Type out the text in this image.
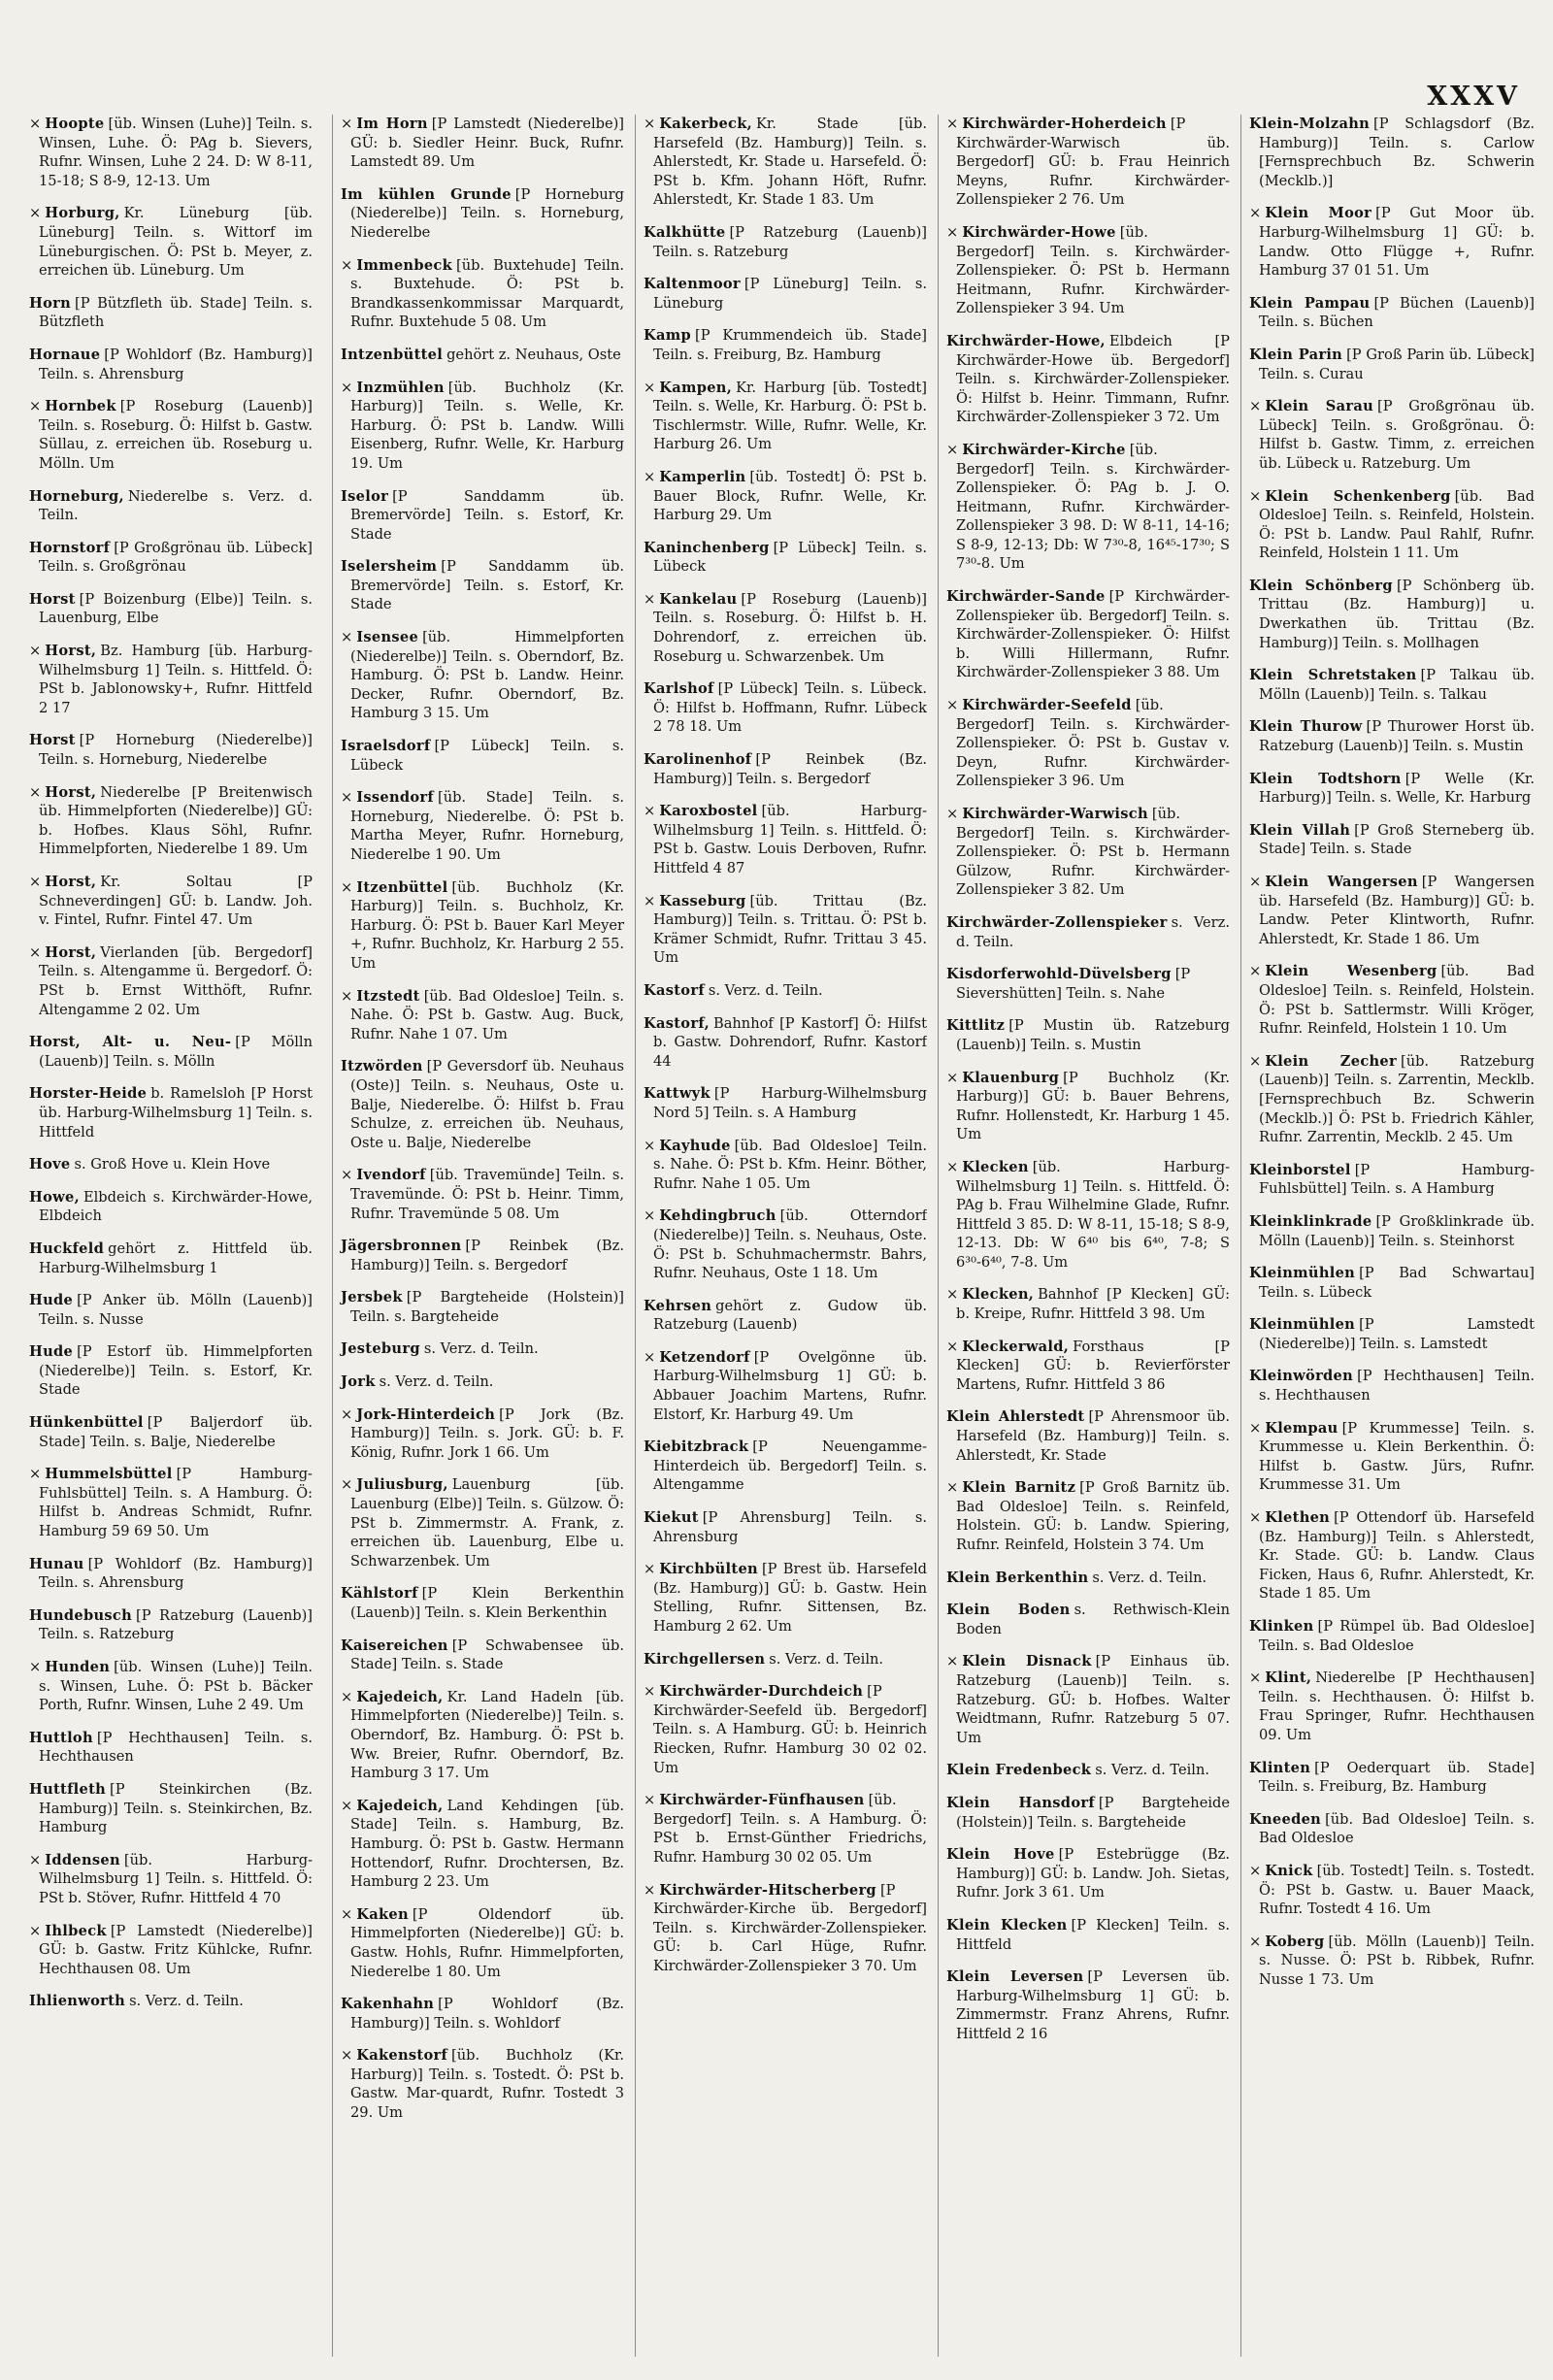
XXXV

× Hoopte [üb. Winsen (Luhe)] Teiln. s. Winsen, Luhe. Ö: PAg b. Sievers, Rufnr. Winsen, Luhe 2 24. D: W 8-11, 15-18; S 8-9, 12-13. Um

× Horburg, Kr. Lüneburg [üb. Lüneburg] Teiln. s. Wittorf im Lüneburgischen. Ö: PSt b. Meyer, z. erreichen üb. Lüneburg. Um

Horn [P Bützfleth üb. Stade] Teiln. s. Bützfleth

Hornaue [P Wohldorf (Bz. Hamburg)] Teiln. s. Ahrensburg

× Hornbek [P Roseburg (Lauenb)] Teiln. s. Roseburg. Ö: Hilfst b. Gastw. Süllau, z. erreichen üb. Roseburg u. Mölln. Um

Horneburg, Niederelbe s. Verz. d. Teiln.

Hornstorf [P Großgrönau üb. Lübeck] Teiln. s. Großgrönau

Horst [P Boizenburg (Elbe)] Teiln. s. Lauenburg, Elbe

× Horst, Bz. Hamburg [üb. Harburg-Wilhelmsburg 1] Teiln. s. Hittfeld. Ö: PSt b. Jablonowsky+, Rufnr. Hittfeld 2 17

Horst [P Horneburg (Niederelbe)] Teiln. s. Horneburg, Niederelbe

× Horst, Niederelbe [P Breitenwisch üb. Himmelpforten (Niederelbe)] GÜ: b. Hofbes. Klaus Söhl, Rufnr. Himmelpforten, Niederelbe 1 89. Um

× Horst, Kr. Soltau [P Schneverdingen] GÜ: b. Landw. Joh. v. Fintel, Rufnr. Fintel 47. Um

× Horst, Vierlanden [üb. Bergedorf] Teiln. s. Altengamme ü. Bergedorf. Ö: PSt b. Ernst Witthöft, Rufnr. Altengamme 2 02. Um

Horst, Alt- u. Neu- [P Mölln (Lauenb)] Teiln. s. Mölln

Horster-Heide b. Ramelsloh [P Horst üb. Harburg-Wilhelmsburg 1] Teiln. s. Hittfeld

Hove s. Groß Hove u. Klein Hove

Howe, Elbdeich s. Kirchwärder-Howe, Elbdeich

Huckfeld gehört z. Hittfeld üb. Harburg-Wilhelmsburg 1

Hude [P Anker üb. Mölln (Lauenb)] Teiln. s. Nusse

Hude [P Estorf üb. Himmelpforten (Niederelbe)] Teiln. s. Estorf, Kr. Stade

Hünkenbüttel [P Baljerdorf üb. Stade] Teiln. s. Balje, Niederelbe

× Hummelsbüttel [P Hamburg-Fuhlsbüttel] Teiln. s. A Hamburg. Ö: Hilfst b. Andreas Schmidt, Rufnr. Hamburg 59 69 50. Um

Hunau [P Wohldorf (Bz. Hamburg)] Teiln. s. Ahrensburg

Hundebusch [P Ratzeburg (Lauenb)] Teiln. s. Ratzeburg

× Hunden [üb. Winsen (Luhe)] Teiln. s. Winsen, Luhe. Ö: PSt b. Bäcker Porth, Rufnr. Winsen, Luhe 2 49. Um

Huttloh [P Hechthausen] Teiln. s. Hechthausen

Huttfleth [P Steinkirchen (Bz. Hamburg)] Teiln. s. Steinkirchen, Bz. Hamburg

× Iddensen [üb. Harburg-Wilhelmsburg 1] Teiln. s. Hittfeld. Ö: PSt b. Stöver, Rufnr. Hittfeld 4 70

× Ihlbeck [P Lamstedt (Niederelbe)] GÜ: b. Gastw. Fritz Kühlcke, Rufnr. Hechthausen 08. Um

Ihlienworth s. Verz. d. Teiln.

× Im Horn [P Lamstedt (Niederelbe)] GÜ: b. Siedler Heinr. Buck, Rufnr. Lamstedt 89. Um

Im kühlen Grunde [P Horneburg (Niederelbe)] Teiln. s. Horneburg, Niederelbe

× Immenbeck [üb. Buxtehude] Teiln. s. Buxtehude. Ö: PSt b. Brandkassenkommissar Marquardt, Rufnr. Buxtehude 5 08. Um

Intzenbüttel gehört z. Neuhaus, Oste

× Inzmühlen [üb. Buchholz (Kr. Harburg)] Teiln. s. Welle, Kr. Harburg. Ö: PSt b. Landw. Willi Eisenberg, Rufnr. Welle, Kr. Harburg 19. Um

Iselor [P Sanddamm üb. Bremervörde] Teiln. s. Estorf, Kr. Stade

Iselersheim [P Sanddamm üb. Bremervörde] Teiln. s. Estorf, Kr. Stade

× Isensee [üb. Himmelpforten (Niederelbe)] Teiln. s. Oberndorf, Bz. Hamburg. Ö: PSt b. Landw. Heinr. Decker, Rufnr. Oberndorf, Bz. Hamburg 3 15. Um

Israelsdorf [P Lübeck] Teiln. s. Lübeck

× Issendorf [üb. Stade] Teiln. s. Horneburg, Niederelbe. Ö: PSt b. Martha Meyer, Rufnr. Horneburg, Niederelbe 1 90. Um

× Itzenbüttel [üb. Buchholz (Kr. Harburg)] Teiln. s. Buchholz, Kr. Harburg. Ö: PSt b. Bauer Karl Meyer +, Rufnr. Buchholz, Kr. Harburg 2 55. Um

× Itzstedt [üb. Bad Oldesloe] Teiln. s. Nahe. Ö: PSt b. Gastw. Aug. Buck, Rufnr. Nahe 1 07. Um

Itzwörden [P Geversdorf üb. Neuhaus (Oste)] Teiln. s. Neuhaus, Oste u. Balje, Niederelbe. Ö: Hilfst b. Frau Schulze, z. erreichen üb. Neuhaus, Oste u. Balje, Niederelbe

× Ivendorf [üb. Travemünde] Teiln. s. Travemünde. Ö: PSt b. Heinr. Timm, Rufnr. Travemünde 5 08. Um

Jägersbronnen [P Reinbek (Bz. Hamburg)] Teiln. s. Bergedorf

Jersbek [P Bargteheide (Holstein)] Teiln. s. Bargteheide

Jesteburg s. Verz. d. Teiln.

Jork s. Verz. d. Teiln.

× Jork-Hinterdeich [P Jork (Bz. Hamburg)] Teiln. s. Jork. GÜ: b. F. König, Rufnr. Jork 1 66. Um

× Juliusburg, Lauenburg [üb. Lauenburg (Elbe)] Teiln. s. Gülzow. Ö: PSt b. Zimmermstr. A. Frank, z. erreichen üb. Lauenburg, Elbe u. Schwarzenbek. Um

Kählstorf [P Klein Berkenthin (Lauenb)] Teiln. s. Klein Berkenthin

Kaisereichen [P Schwabensee üb. Stade] Teiln. s. Stade

× Kajedeich, Kr. Land Hadeln [üb. Himmelpforten (Niederelbe)] Teiln. s. Oberndorf, Bz. Hamburg. Ö: PSt b. Ww. Breier, Rufnr. Oberndorf, Bz. Hamburg 3 17. Um

× Kajedeich, Land Kehdingen [üb. Stade] Teiln. s. Hamburg, Bz. Hamburg. Ö: PSt b. Gastw. Hermann Hottendorf, Rufnr. Drochtersen, Bz. Hamburg 2 23. Um

× Kaken [P Oldendorf üb. Himmelpforten (Niederelbe)] GÜ: b. Gastw. Hohls, Rufnr. Himmelpforten, Niederelbe 1 80. Um

Kakenhahn [P Wohldorf (Bz. Hamburg)] Teiln. s. Wohldorf

× Kakenstorf [üb. Buchholz (Kr. Harburg)] Teiln. s. Tostedt. Ö: PSt b. Gastw. Mar-quardt, Rufnr. Tostedt 3 29. Um

× Kakerbeck, Kr. Stade [üb. Harsefeld (Bz. Hamburg)] Teiln. s. Ahlerstedt, Kr. Stade u. Harsefeld. Ö: PSt b. Kfm. Johann Höft, Rufnr. Ahlerstedt, Kr. Stade 1 83. Um

Kalkhütte [P Ratzeburg (Lauenb)] Teiln. s. Ratzeburg

Kaltenmoor [P Lüneburg] Teiln. s. Lüneburg

Kamp [P Krummendeich üb. Stade] Teiln. s. Freiburg, Bz. Hamburg

× Kampen, Kr. Harburg [üb. Tostedt] Teiln. s. Welle, Kr. Harburg. Ö: PSt b. Tischlermstr. Wille, Rufnr. Welle, Kr. Harburg 26. Um

× Kamperlin [üb. Tostedt] Ö: PSt b. Bauer Block, Rufnr. Welle, Kr. Harburg 29. Um

Kaninchenberg [P Lübeck] Teiln. s. Lübeck

× Kankelau [P Roseburg (Lauenb)] Teiln. s. Roseburg. Ö: Hilfst b. H. Dohrendorf, z. erreichen üb. Roseburg u. Schwarzenbek. Um

Karlshof [P Lübeck] Teiln. s. Lübeck. Ö: Hilfst b. Hoffmann, Rufnr. Lübeck 2 78 18. Um

Karolinenhof [P Reinbek (Bz. Hamburg)] Teiln. s. Bergedorf

× Karoxbostel [üb. Harburg-Wilhelmsburg 1] Teiln. s. Hittfeld. Ö: PSt b. Gastw. Louis Derboven, Rufnr. Hittfeld 4 87

× Kasseburg [üb. Trittau (Bz. Hamburg)] Teiln. s. Trittau. Ö: PSt b. Krämer Schmidt, Rufnr. Trittau 3 45. Um

Kastorf s. Verz. d. Teiln.

Kastorf, Bahnhof [P Kastorf] Ö: Hilfst b. Gastw. Dohrendorf, Rufnr. Kastorf 44

Kattwyk [P Harburg-Wilhelmsburg Nord 5] Teiln. s. A Hamburg

× Kayhude [üb. Bad Oldesloe] Teiln. s. Nahe. Ö: PSt b. Kfm. Heinr. Böther, Rufnr. Nahe 1 05. Um

× Kehdingbruch [üb. Otterndorf (Niederelbe)] Teiln. s. Neuhaus, Oste. Ö: PSt b. Schuhmachermstr. Bahrs, Rufnr. Neuhaus, Oste 1 18. Um

Kehrsen gehört z. Gudow üb. Ratzeburg (Lauenb)

× Ketzendorf [P Ovelgönne üb. Harburg-Wilhelmsburg 1] GÜ: b. Abbauer Joachim Martens, Rufnr. Elstorf, Kr. Harburg 49. Um

Kiebitzbrack [P Neuengamme-Hinterdeich üb. Bergedorf] Teiln. s. Altengamme

Kiekut [P Ahrensburg] Teiln. s. Ahrensburg

× Kirchbülten [P Brest üb. Harsefeld (Bz. Hamburg)] GÜ: b. Gastw. Hein Stelling, Rufnr. Sittensen, Bz. Hamburg 2 62. Um

Kirchgellersen s. Verz. d. Teiln.

× Kirchwärder-Durchdeich [P Kirchwärder-Seefeld üb. Bergedorf] Teiln. s. A Hamburg. GÜ: b. Heinrich Riecken, Rufnr. Hamburg 30 02 02. Um

× Kirchwärder-Fünfhausen [üb. Bergedorf] Teiln. s. A Hamburg. Ö: PSt b. Ernst-Günther Friedrichs, Rufnr. Hamburg 30 02 05. Um

× Kirchwärder-Hitscherberg [P Kirchwärder-Kirche üb. Bergedorf] Teiln. s. Kirchwärder-Zollenspieker. GÜ: b. Carl Hüge, Rufnr. Kirchwärder-Zollenspieker 3 70. Um

× Kirchwärder-Hoherdeich [P Kirchwärder-Warwisch üb. Bergedorf] GÜ: b. Frau Heinrich Meyns, Rufnr. Kirchwärder-Zollenspieker 2 76. Um

× Kirchwärder-Howe [üb. Bergedorf] Teiln. s. Kirchwärder-Zollenspieker. Ö: PSt b. Hermann Heitmann, Rufnr. Kirchwärder-Zollenspieker 3 94. Um

Kirchwärder-Howe, Elbdeich [P Kirchwärder-Howe üb. Bergedorf] Teiln. s. Kirchwärder-Zollenspieker. Ö: Hilfst b. Heinr. Timmann, Rufnr. Kirchwärder-Zollenspieker 3 72. Um

× Kirchwärder-Kirche [üb. Bergedorf] Teiln. s. Kirchwärder-Zollenspieker. Ö: PAg b. J. O. Heitmann, Rufnr. Kirchwärder-Zollenspieker 3 98. D: W 8-11, 14-16; S 8-9, 12-13; Db: W 7³⁰-8, 16⁴⁵-17³⁰; S 7³⁰-8. Um

Kirchwärder-Sande [P Kirchwärder-Zollenspieker üb. Bergedorf] Teiln. s. Kirchwärder-Zollenspieker. Ö: Hilfst b. Willi Hillermann, Rufnr. Kirchwärder-Zollenspieker 3 88. Um

× Kirchwärder-Seefeld [üb. Bergedorf] Teiln. s. Kirchwärder-Zollenspieker. Ö: PSt b. Gustav v. Deyn, Rufnr. Kirchwärder-Zollenspieker 3 96. Um

× Kirchwärder-Warwisch [üb. Bergedorf] Teiln. s. Kirchwärder-Zollenspieker. Ö: PSt b. Hermann Gülzow, Rufnr. Kirchwärder-Zollenspieker 3 82. Um

Kirchwärder-Zollenspieker s. Verz. d. Teiln.

Kisdorferwohld-Düvelsberg [P Sievershütten] Teiln. s. Nahe

Kittlitz [P Mustin üb. Ratzeburg (Lauenb)] Teiln. s. Mustin

× Klauenburg [P Buchholz (Kr. Harburg)] GÜ: b. Bauer Behrens, Rufnr. Hollenstedt, Kr. Harburg 1 45. Um

× Klecken [üb. Harburg-Wilhelmsburg 1] Teiln. s. Hittfeld. Ö: PAg b. Frau Wilhelmine Glade, Rufnr. Hittfeld 3 85. D: W 8-11, 15-18; S 8-9, 12-13. Db: W 6⁴⁰ bis 6⁴⁰, 7-8; S 6³⁰-6⁴⁰, 7-8. Um

× Klecken, Bahnhof [P Klecken] GÜ: b. Kreipe, Rufnr. Hittfeld 3 98. Um

× Kleckerwald, Forsthaus [P Klecken] GÜ: b. Revierförster Martens, Rufnr. Hittfeld 3 86

Klein Ahlerstedt [P Ahrensmoor üb. Harsefeld (Bz. Hamburg)] Teiln. s. Ahlerstedt, Kr. Stade

× Klein Barnitz [P Groß Barnitz üb. Bad Oldesloe] Teiln. s. Reinfeld, Holstein. GÜ: b. Landw. Spiering, Rufnr. Reinfeld, Holstein 3 74. Um

Klein Berkenthin s. Verz. d. Teiln.

Klein Boden s. Rethwisch-Klein Boden

× Klein Disnack [P Einhaus üb. Ratzeburg (Lauenb)] Teiln. s. Ratzeburg. GÜ: b. Hofbes. Walter Weidtmann, Rufnr. Ratzeburg 5 07. Um

Klein Fredenbeck s. Verz. d. Teiln.

Klein Hansdorf [P Bargteheide (Holstein)] Teiln. s. Bargteheide

Klein Hove [P Estebrügge (Bz. Hamburg)] GÜ: b. Landw. Joh. Sietas, Rufnr. Jork 3 61. Um

Klein Klecken [P Klecken] Teiln. s. Hittfeld

Klein Leversen [P Leversen üb. Harburg-Wilhelmsburg 1] GÜ: b. Zimmermstr. Franz Ahrens, Rufnr. Hittfeld 2 16

Klein-Molzahn [P Schlagsdorf (Bz. Hamburg)] Teiln. s. Carlow [Fernsprechbuch Bz. Schwerin (Mecklb.)]

× Klein Moor [P Gut Moor üb. Harburg-Wilhelmsburg 1] GÜ: b. Landw. Otto Flügge +, Rufnr. Hamburg 37 01 51. Um

Klein Pampau [P Büchen (Lauenb)] Teiln. s. Büchen

Klein Parin [P Groß Parin üb. Lübeck] Teiln. s. Curau

× Klein Sarau [P Großgrönau üb. Lübeck] Teiln. s. Großgrönau. Ö: Hilfst b. Gastw. Timm, z. erreichen üb. Lübeck u. Ratzeburg. Um

× Klein Schenkenberg [üb. Bad Oldesloe] Teiln. s. Reinfeld, Holstein. Ö: PSt b. Landw. Paul Rahlf, Rufnr. Reinfeld, Holstein 1 11. Um

Klein Schönberg [P Schönberg üb. Trittau (Bz. Hamburg)] u. Dwerkathen üb. Trittau (Bz. Hamburg)] Teiln. s. Mollhagen

Klein Schretstaken [P Talkau üb. Mölln (Lauenb)] Teiln. s. Talkau

Klein Thurow [P Thurower Horst üb. Ratzeburg (Lauenb)] Teiln. s. Mustin

Klein Todtshorn [P Welle (Kr. Harburg)] Teiln. s. Welle, Kr. Harburg

Klein Villah [P Groß Sterneberg üb. Stade] Teiln. s. Stade

× Klein Wangersen [P Wangersen üb. Harsefeld (Bz. Hamburg)] GÜ: b. Landw. Peter Klintworth, Rufnr. Ahlerstedt, Kr. Stade 1 86. Um

× Klein Wesenberg [üb. Bad Oldesloe] Teiln. s. Reinfeld, Holstein. Ö: PSt b. Sattlermstr. Willi Kröger, Rufnr. Reinfeld, Holstein 1 10. Um

× Klein Zecher [üb. Ratzeburg (Lauenb)] Teiln. s. Zarrentin, Mecklb. [Fernsprechbuch Bz. Schwerin (Mecklb.)] Ö: PSt b. Friedrich Kähler, Rufnr. Zarrentin, Mecklb. 2 45. Um

Kleinborstel [P Hamburg-Fuhlsbüttel] Teiln. s. A Hamburg

Kleinklinkrade [P Großklinkrade üb. Mölln (Lauenb)] Teiln. s. Steinhorst

Kleinmühlen [P Bad Schwartau] Teiln. s. Lübeck

Kleinmühlen [P Lamstedt (Niederelbe)] Teiln. s. Lamstedt

Kleinwörden [P Hechthausen] Teiln. s. Hechthausen

× Klempau [P Krummesse] Teiln. s. Krummesse u. Klein Berkenthin. Ö: Hilfst b. Gastw. Jürs, Rufnr. Krummesse 31. Um

× Klethen [P Ottendorf üb. Harsefeld (Bz. Hamburg)] Teiln. s Ahlerstedt, Kr. Stade. GÜ: b. Landw. Claus Ficken, Haus 6, Rufnr. Ahlerstedt, Kr. Stade 1 85. Um

Klinken [P Rümpel üb. Bad Oldesloe] Teiln. s. Bad Oldesloe

× Klint, Niederelbe [P Hechthausen] Teiln. s. Hechthausen. Ö: Hilfst b. Frau Springer, Rufnr. Hechthausen 09. Um

Klinten [P Oederquart üb. Stade] Teiln. s. Freiburg, Bz. Hamburg

Kneeden [üb. Bad Oldesloe] Teiln. s. Bad Oldesloe

× Knick [üb. Tostedt] Teiln. s. Tostedt. Ö: PSt b. Gastw. u. Bauer Maack, Rufnr. Tostedt 4 16. Um

× Koberg [üb. Mölln (Lauenb)] Teiln. s. Nusse. Ö: PSt b. Ribbek, Rufnr. Nusse 1 73. Um
